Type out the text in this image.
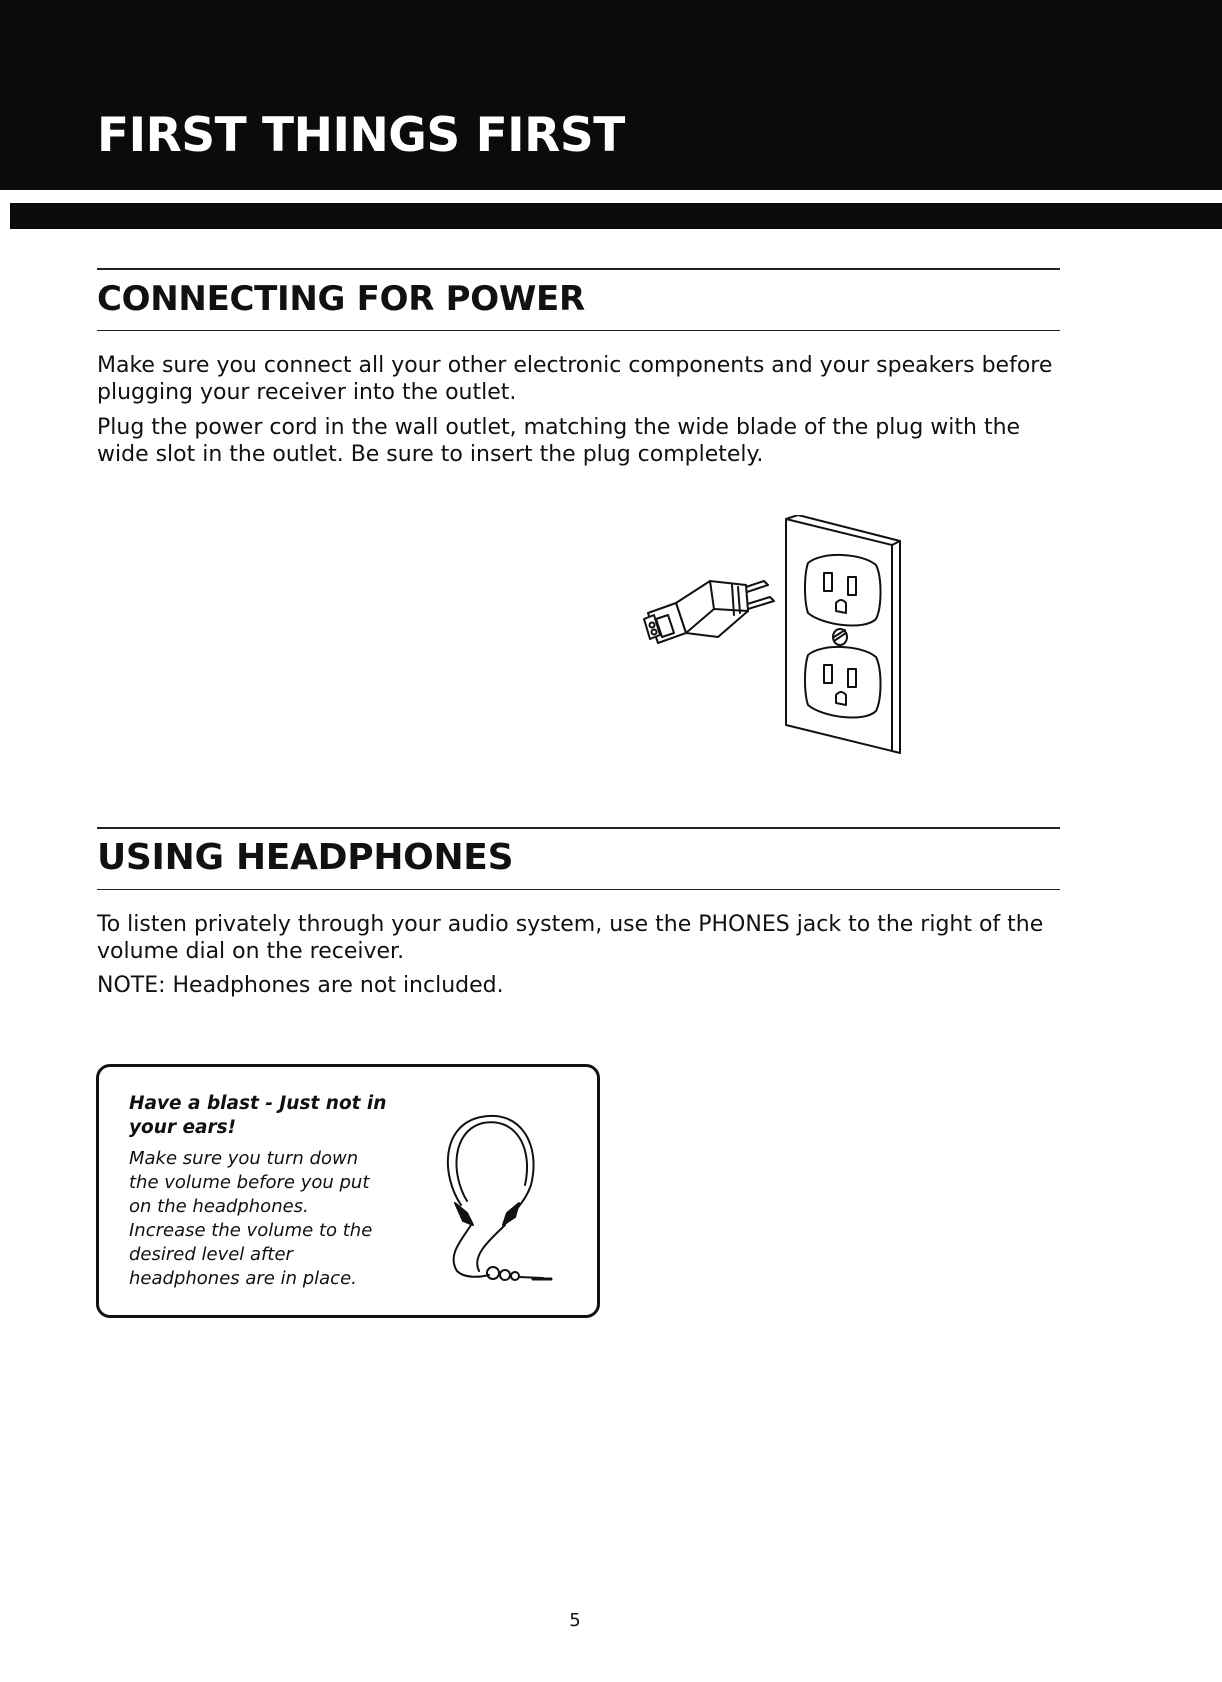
FIRST THINGS FIRST
CONNECTING FOR POWER

Make sure you connect all your other electronic components and your speakers before plugging your receiver into the outlet.

Plug the power cord in the wall outlet, matching the wide blade of the plug with the wide slot in the outlet. Be sure to insert the plug completely.

USING HEADPHONES

To listen privately through your audio system, use the PHONES jack to the right of the volume dial on the receiver.

NOTE: Headphones are not included.

Have a blast - Just not in your ears!

Make sure you turn down
the volume before you put
on the headphones.
Increase the volume to the
desired level after
headphones are in place.

5
